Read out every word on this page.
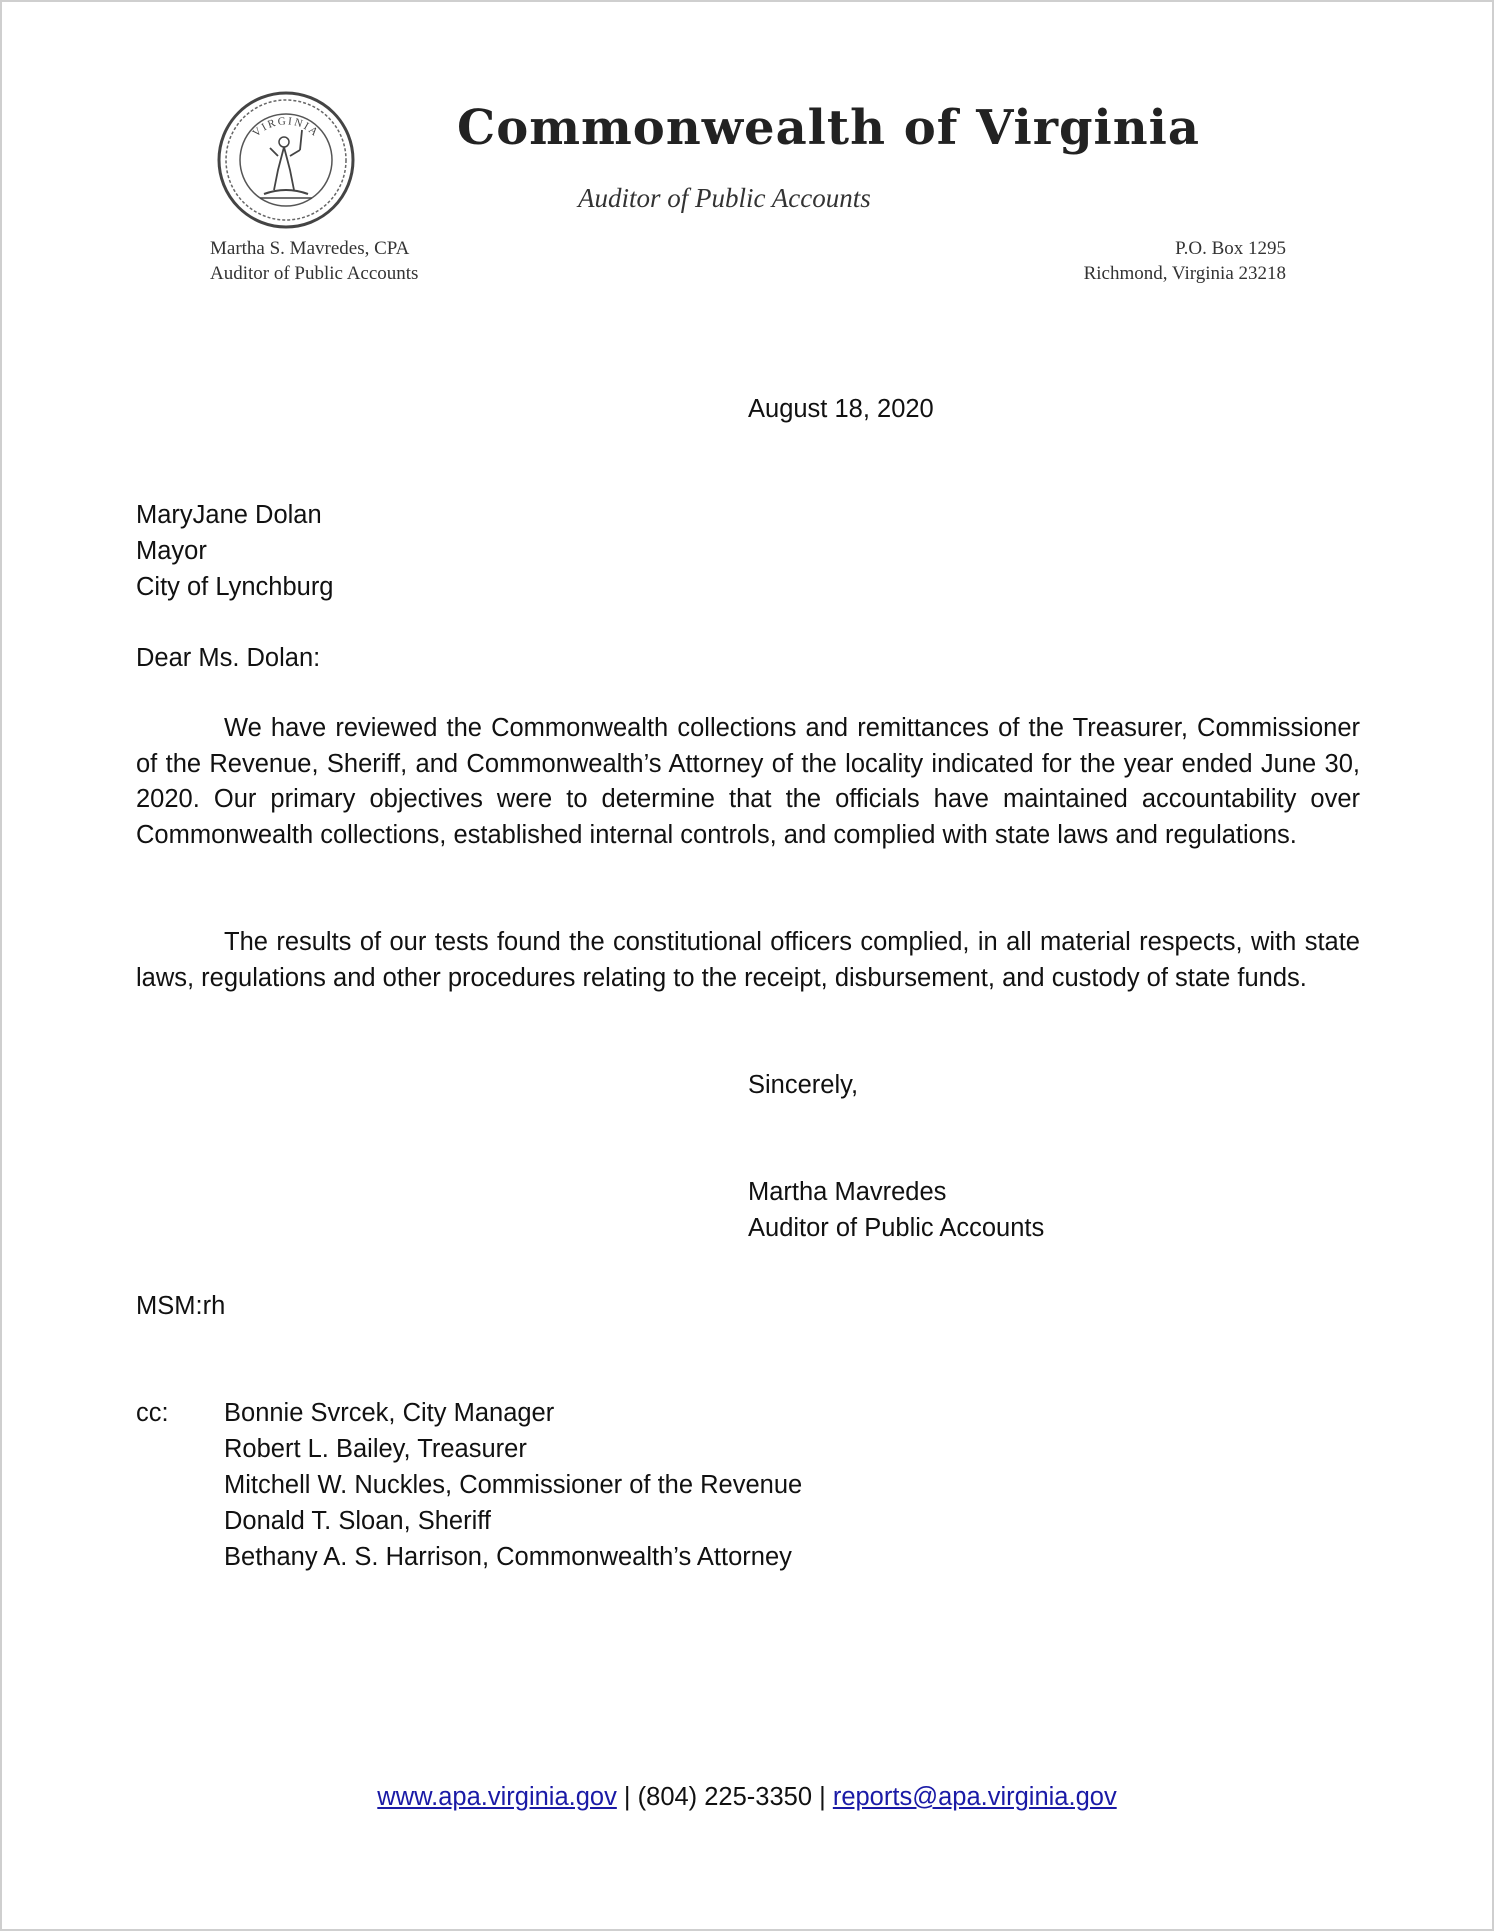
VIRGINIA	Commonwealth of Virginia
Auditor of Public Accounts
Martha S. Mavredes, CPA
Auditor of Public Accounts
P.O. Box 1295
Richmond, Virginia 23218
August 18, 2020
MaryJane Dolan
Mayor
City of Lynchburg
Dear Ms. Dolan:
We have reviewed the Commonwealth collections and remittances of the Treasurer, Commissioner of the Revenue, Sheriff, and Commonwealth’s Attorney of the locality indicated for the year ended June 30, 2020. Our primary objectives were to determine that the officials have maintained accountability over Commonwealth collections, established internal controls, and complied with state laws and regulations.
The results of our tests found the constitutional officers complied, in all material respects, with state laws, regulations and other procedures relating to the receipt, disbursement, and custody of state funds.
Sincerely,
Martha Mavredes
Auditor of Public Accounts
MSM:rh
cc: Bonnie Svrcek, City Manager
Robert L. Bailey, Treasurer
Mitchell W. Nuckles, Commissioner of the Revenue
Donald T. Sloan, Sheriff
Bethany A. S. Harrison, Commonwealth’s Attorney
www.apa.virginia.gov | (804) 225-3350 | reports@apa.virginia.gov
